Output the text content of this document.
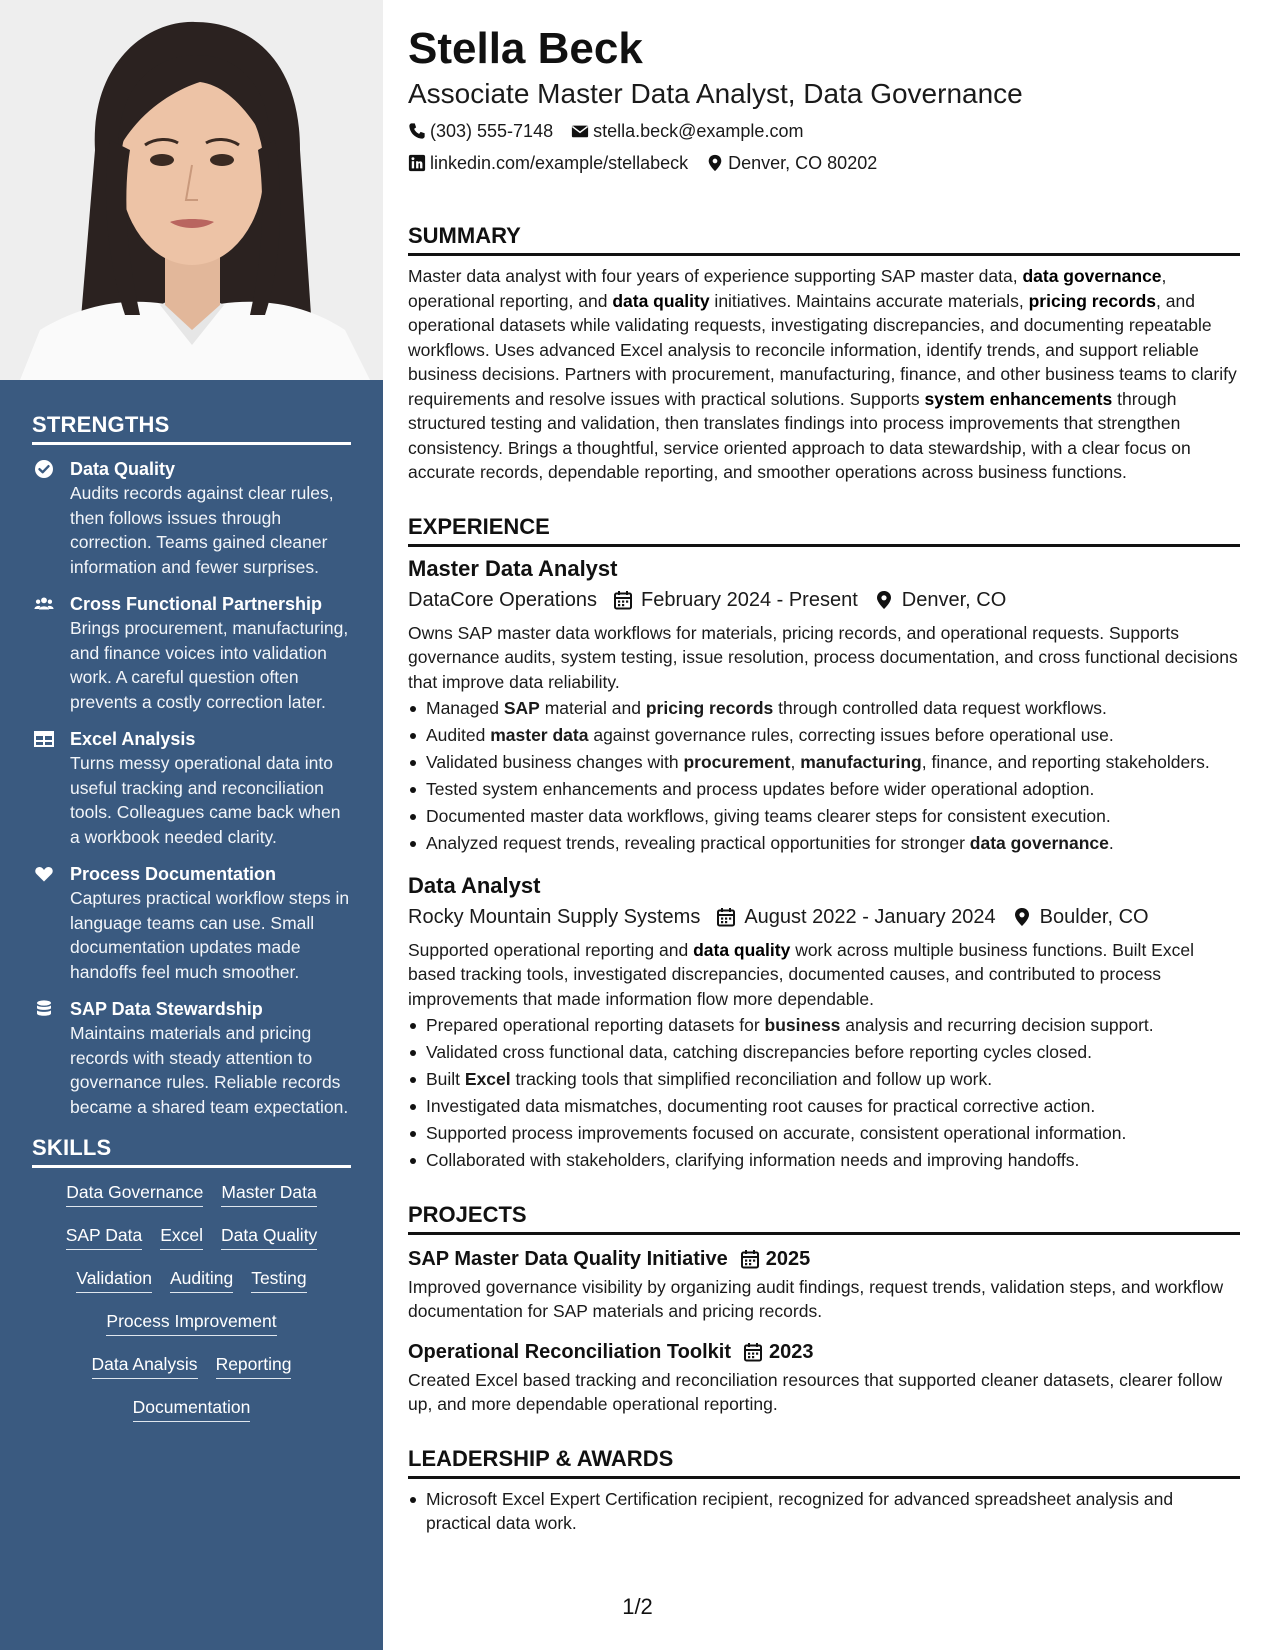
STRENGTHS
Data Quality
Audits records against clear rules, then follows issues through correction. Teams gained cleaner information and fewer surprises.
Cross Functional Partnership
Brings procurement, manufacturing, and finance voices into validation work. A careful question often prevents a costly correction later.
Excel Analysis
Turns messy operational data into useful tracking and reconciliation tools. Colleagues came back when a workbook needed clarity.
Process Documentation
Captures practical workflow steps in language teams can use. Small documentation updates made handoffs feel much smoother.
SAP Data Stewardship
Maintains materials and pricing records with steady attention to governance rules. Reliable records became a shared team expectation.
SKILLS
Data Governance Master Data
SAP Data Excel Data Quality
Validation Auditing Testing
Process Improvement
Data Analysis Reporting
Documentation
Stella Beck
Associate Master Data Analyst, Data Governance
(303) 555-7148 stella.beck@example.com
linkedin.com/example/stellabeck Denver, CO 80202
SUMMARY

Master data analyst with four years of experience supporting SAP master data, data governance, operational reporting, and data quality initiatives. Maintains accurate materials, pricing records, and operational datasets while validating requests, investigating discrepancies, and documenting repeatable workflows. Uses advanced Excel analysis to reconcile information, identify trends, and support reliable business decisions. Partners with procurement, manufacturing, finance, and other business teams to clarify requirements and resolve issues with practical solutions. Supports system enhancements through structured testing and validation, then translates findings into process improvements that strengthen consistency. Brings a thoughtful, service oriented approach to data stewardship, with a clear focus on accurate records, dependable reporting, and smoother operations across business functions.

EXPERIENCE
Master Data Analyst
DataCore Operations February 2024 - Present Denver, CO

Owns SAP master data workflows for materials, pricing records, and operational requests. Supports governance audits, system testing, issue resolution, process documentation, and cross functional decisions that improve data reliability.

Managed SAP material and pricing records through controlled data request workflows.
Audited master data against governance rules, correcting issues before operational use.
Validated business changes with procurement, manufacturing, finance, and reporting stakeholders.
Tested system enhancements and process updates before wider operational adoption.
Documented master data workflows, giving teams clearer steps for consistent execution.
Analyzed request trends, revealing practical opportunities for stronger data governance.
Data Analyst
Rocky Mountain Supply Systems August 2022 - January 2024 Boulder, CO

Supported operational reporting and data quality work across multiple business functions. Built Excel based tracking tools, investigated discrepancies, documented causes, and contributed to process improvements that made information flow more dependable.

Prepared operational reporting datasets for business analysis and recurring decision support.
Validated cross functional data, catching discrepancies before reporting cycles closed.
Built Excel tracking tools that simplified reconciliation and follow up work.
Investigated data mismatches, documenting root causes for practical corrective action.
Supported process improvements focused on accurate, consistent operational information.
Collaborated with stakeholders, clarifying information needs and improving handoffs.
PROJECTS
SAP Master Data Quality Initiative 2025

Improved governance visibility by organizing audit findings, request trends, validation steps, and workflow documentation for SAP materials and pricing records.

Operational Reconciliation Toolkit 2023

Created Excel based tracking and reconciliation resources that supported cleaner datasets, clearer follow up, and more dependable operational reporting.

LEADERSHIP & AWARDS
Microsoft Excel Expert Certification recipient, recognized for advanced spreadsheet analysis and practical data work.
1/2
